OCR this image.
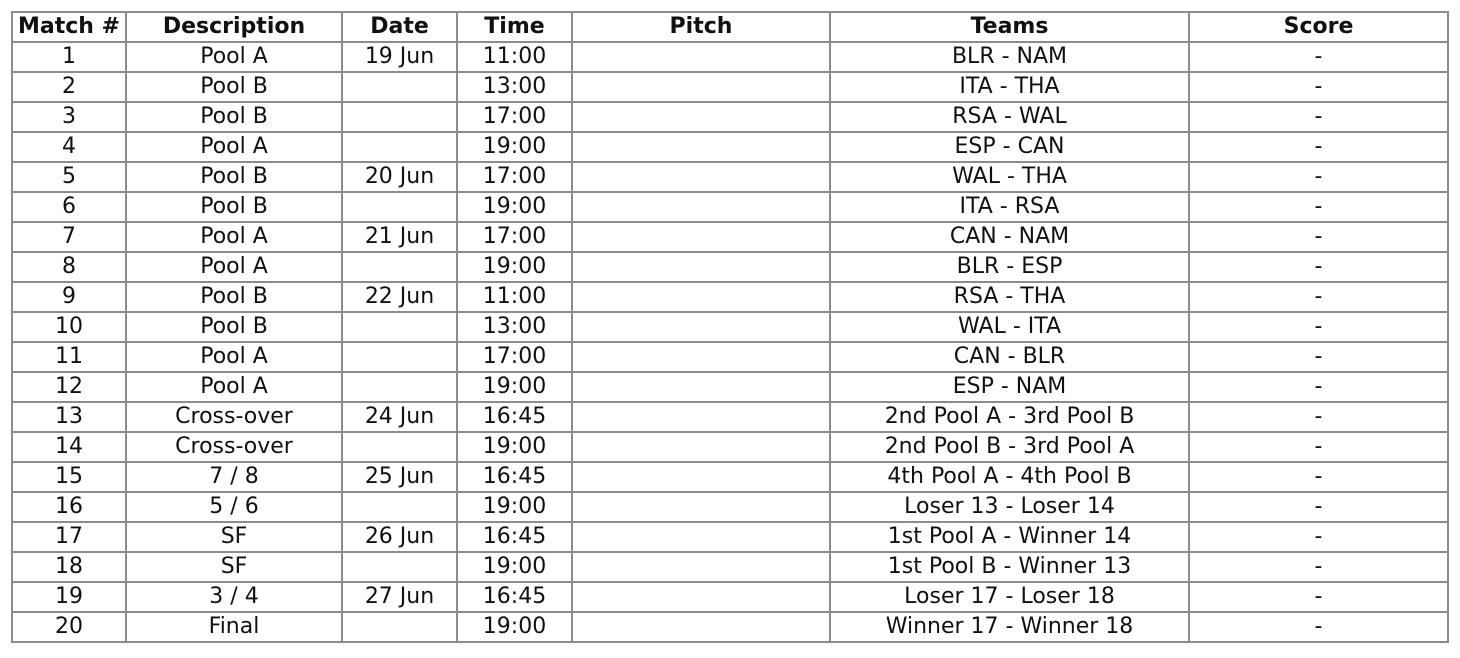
Match #	Description	Date	Time	Pitch	Teams	Score
1	Pool A	19 Jun	11:00		BLR - NAM	-
2	Pool B		13:00		ITA - THA	-
3	Pool B		17:00		RSA - WAL	-
4	Pool A		19:00		ESP - CAN	-
5	Pool B	20 Jun	17:00		WAL - THA	-
6	Pool B		19:00		ITA - RSA	-
7	Pool A	21 Jun	17:00		CAN - NAM	-
8	Pool A		19:00		BLR - ESP	-
9	Pool B	22 Jun	11:00		RSA - THA	-
10	Pool B		13:00		WAL - ITA	-
11	Pool A		17:00		CAN - BLR	-
12	Pool A		19:00		ESP - NAM	-
13	Cross-over	24 Jun	16:45		2nd Pool A - 3rd Pool B	-
14	Cross-over		19:00		2nd Pool B - 3rd Pool A	-
15	7 / 8	25 Jun	16:45		4th Pool A - 4th Pool B	-
16	5 / 6		19:00		Loser 13 - Loser 14	-
17	SF	26 Jun	16:45		1st Pool A - Winner 14	-
18	SF		19:00		1st Pool B - Winner 13	-
19	3 / 4	27 Jun	16:45		Loser 17 - Loser 18	-
20	Final		19:00		Winner 17 - Winner 18	-
